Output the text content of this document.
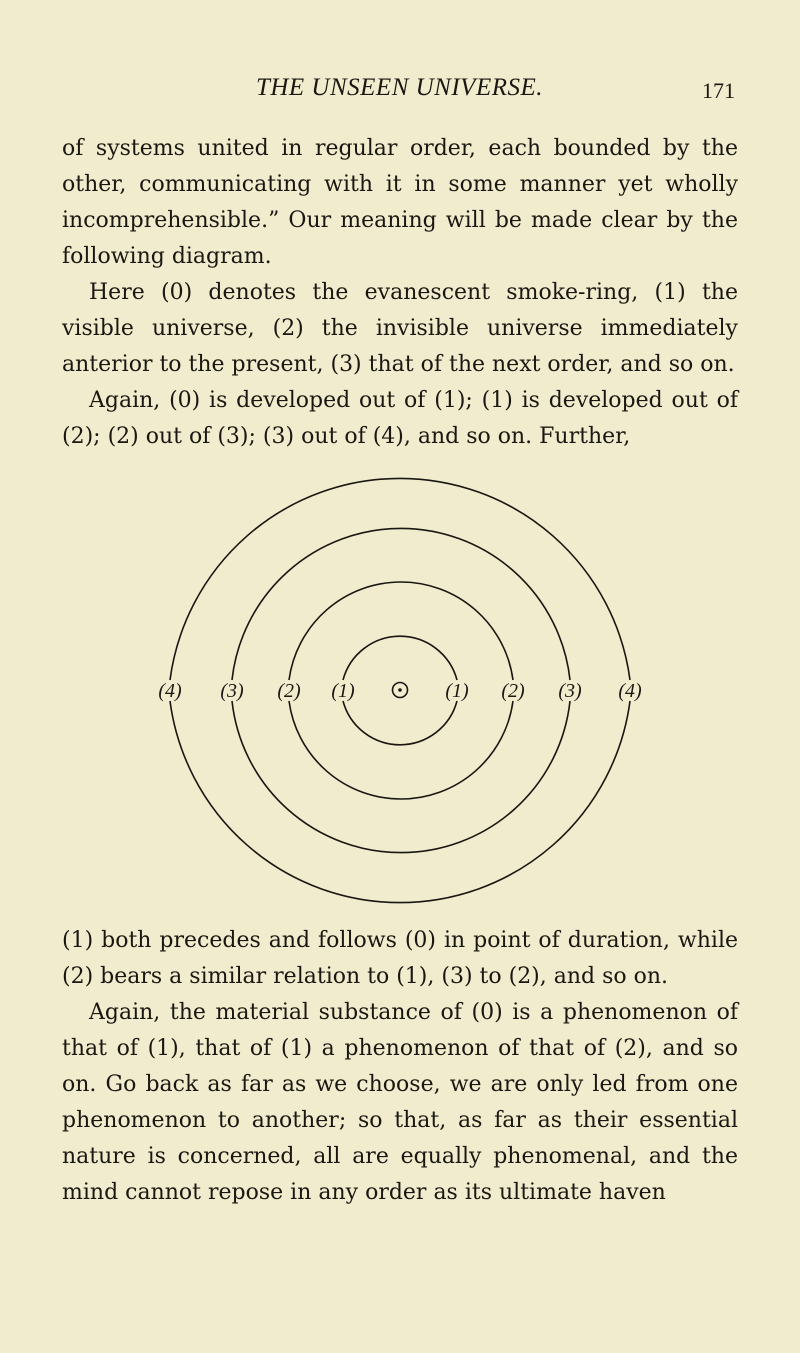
THE UNSEEN UNIVERSE.	171

of systems united in regular order, each bounded by the other, communicating with it in some manner yet wholly incomprehensible.” Our meaning will be made clear by the following diagram.

Here (0) denotes the evanescent smoke-ring, (1) the visible universe, (2) the invisible universe immediately anterior to the present, (3) that of the next order, and so on.

Again, (0) is developed out of (1); (1) is developed out of (2); (2) out of (3); (3) out of (4), and so on. Further,

(4) (3) (2) (1)	(1) (2) (3) (4)

(1) both precedes and follows (0) in point of duration, while (2) bears a similar relation to (1), (3) to (2), and so on.

Again, the material substance of (0) is a phenomenon of that of (1), that of (1) a phenomenon of that of (2), and so on. Go back as far as we choose, we are only led from one phenomenon to another; so that, as far as their essential nature is concerned, all are equally phenomenal, and the mind cannot repose in any order as its ultimate haven
